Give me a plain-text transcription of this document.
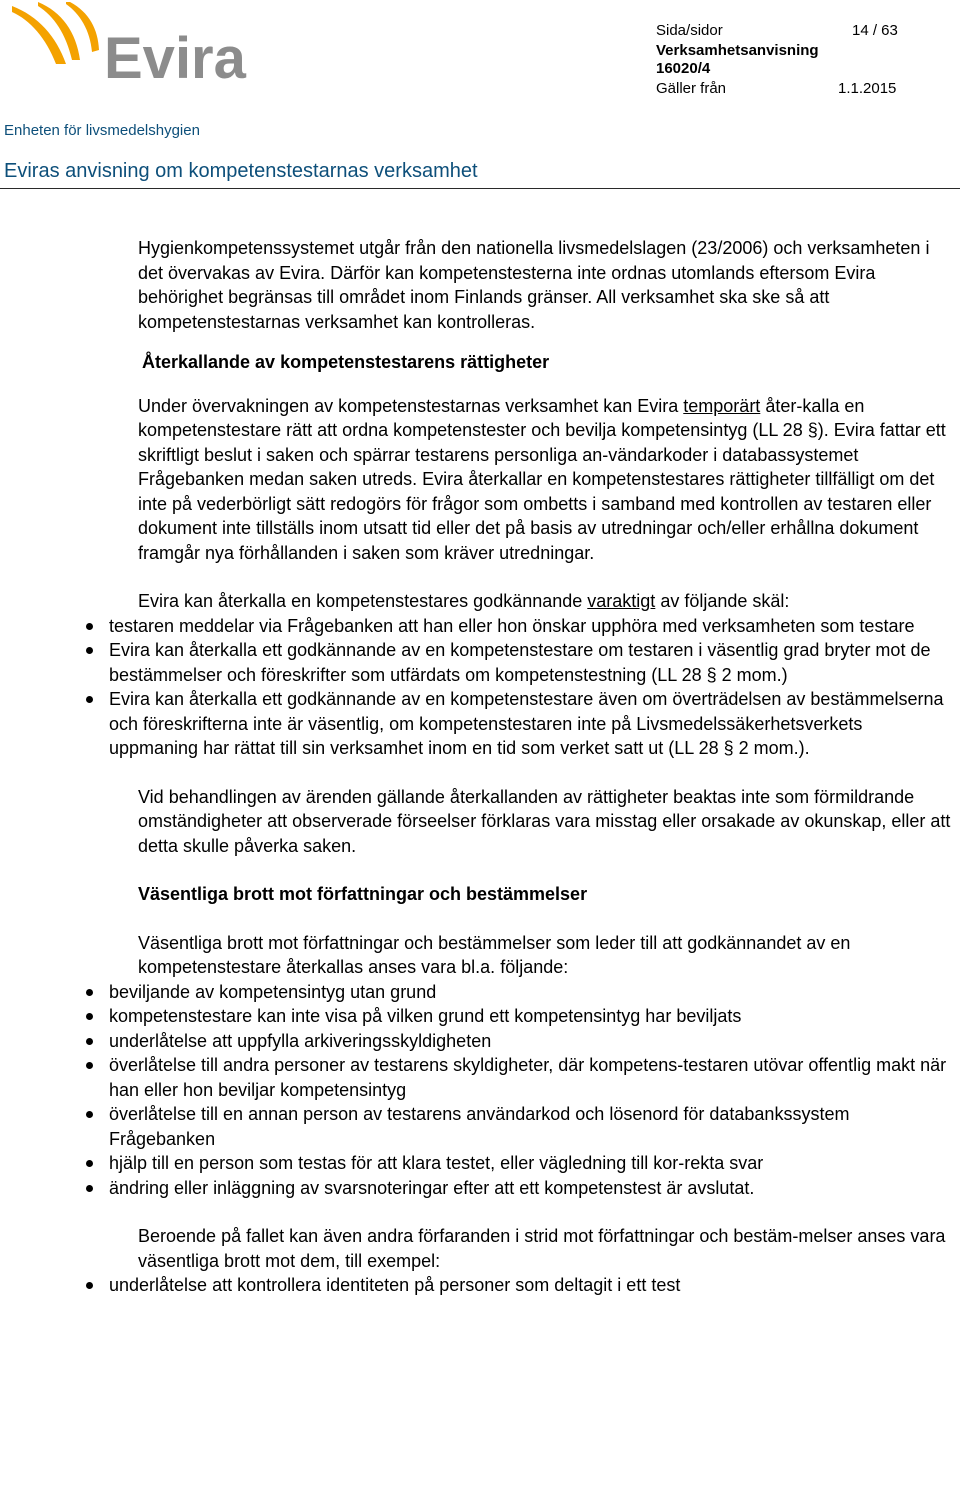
Evira	Sida/sidor	14 / 63
Verksamhetsanvisning
16020/4
Gäller från	1.1.2015
Enheten för livsmedelshygien
Eviras anvisning om kompetenstestarnas verksamhet

Hygienkompetenssystemet utgår från den nationella livsmedelslagen (23/2006) och verksamheten i det övervakas av Evira. Därför kan kompetenstesterna inte ordnas utomlands eftersom Evira behörighet begränsas till området inom Finlands gränser. All verksamhet ska ske så att kompetenstestarnas verksamhet kan kontrolleras.

Återkallande av kompetenstestarens rättigheter

Under övervakningen av kompetenstestarnas verksamhet kan Evira temporärt åter-kalla en kompetenstestare rätt att ordna kompetenstester och bevilja kompetensintyg (LL 28 §). Evira fattar ett skriftligt beslut i saken och spärrar testarens personliga an-vändarkoder i databassystemet Frågebanken medan saken utreds. Evira återkallar en kompetenstestares rättigheter tillfälligt om det inte på vederbörligt sätt redogörs för frågor som ombetts i samband med kontrollen av testaren eller dokument inte tillställs inom utsatt tid eller det på basis av utredningar och/eller erhållna dokument framgår nya förhållanden i saken som kräver utredningar.

Evira kan återkalla en kompetenstestares godkännande varaktigt av följande skäl:

testaren meddelar via Frågebanken att han eller hon önskar upphöra med verksamheten som testare
Evira kan återkalla ett godkännande av en kompetenstestare om testaren i väsentlig grad bryter mot de bestämmelser och föreskrifter som utfärdats om kompetenstestning (LL 28 § 2 mom.)
Evira kan återkalla ett godkännande av en kompetenstestare även om överträdelsen av bestämmelserna och föreskrifterna inte är väsentlig, om kompetenstestaren inte på Livsmedelssäkerhetsverkets uppmaning har rättat till sin verksamhet inom en tid som verket satt ut (LL 28 § 2 mom.).

Vid behandlingen av ärenden gällande återkallanden av rättigheter beaktas inte som förmildrande omständigheter att observerade förseelser förklaras vara misstag eller orsakade av okunskap, eller att detta skulle påverka saken.

Väsentliga brott mot författningar och bestämmelser

Väsentliga brott mot författningar och bestämmelser som leder till att godkännandet av en kompetenstestare återkallas anses vara bl.a. följande:

beviljande av kompetensintyg utan grund
kompetenstestare kan inte visa på vilken grund ett kompetensintyg har beviljats
underlåtelse att uppfylla arkiveringsskyldigheten
överlåtelse till andra personer av testarens skyldigheter, där kompetens-testaren utövar offentlig makt när han eller hon beviljar kompetensintyg
överlåtelse till en annan person av testarens användarkod och lösenord för databankssystem Frågebanken
hjälp till en person som testas för att klara testet, eller vägledning till kor-rekta svar
ändring eller inläggning av svarsnoteringar efter att ett kompetenstest är avslutat.

Beroende på fallet kan även andra förfaranden i strid mot författningar och bestäm-melser anses vara väsentliga brott mot dem, till exempel:

underlåtelse att kontrollera identiteten på personer som deltagit i ett test
